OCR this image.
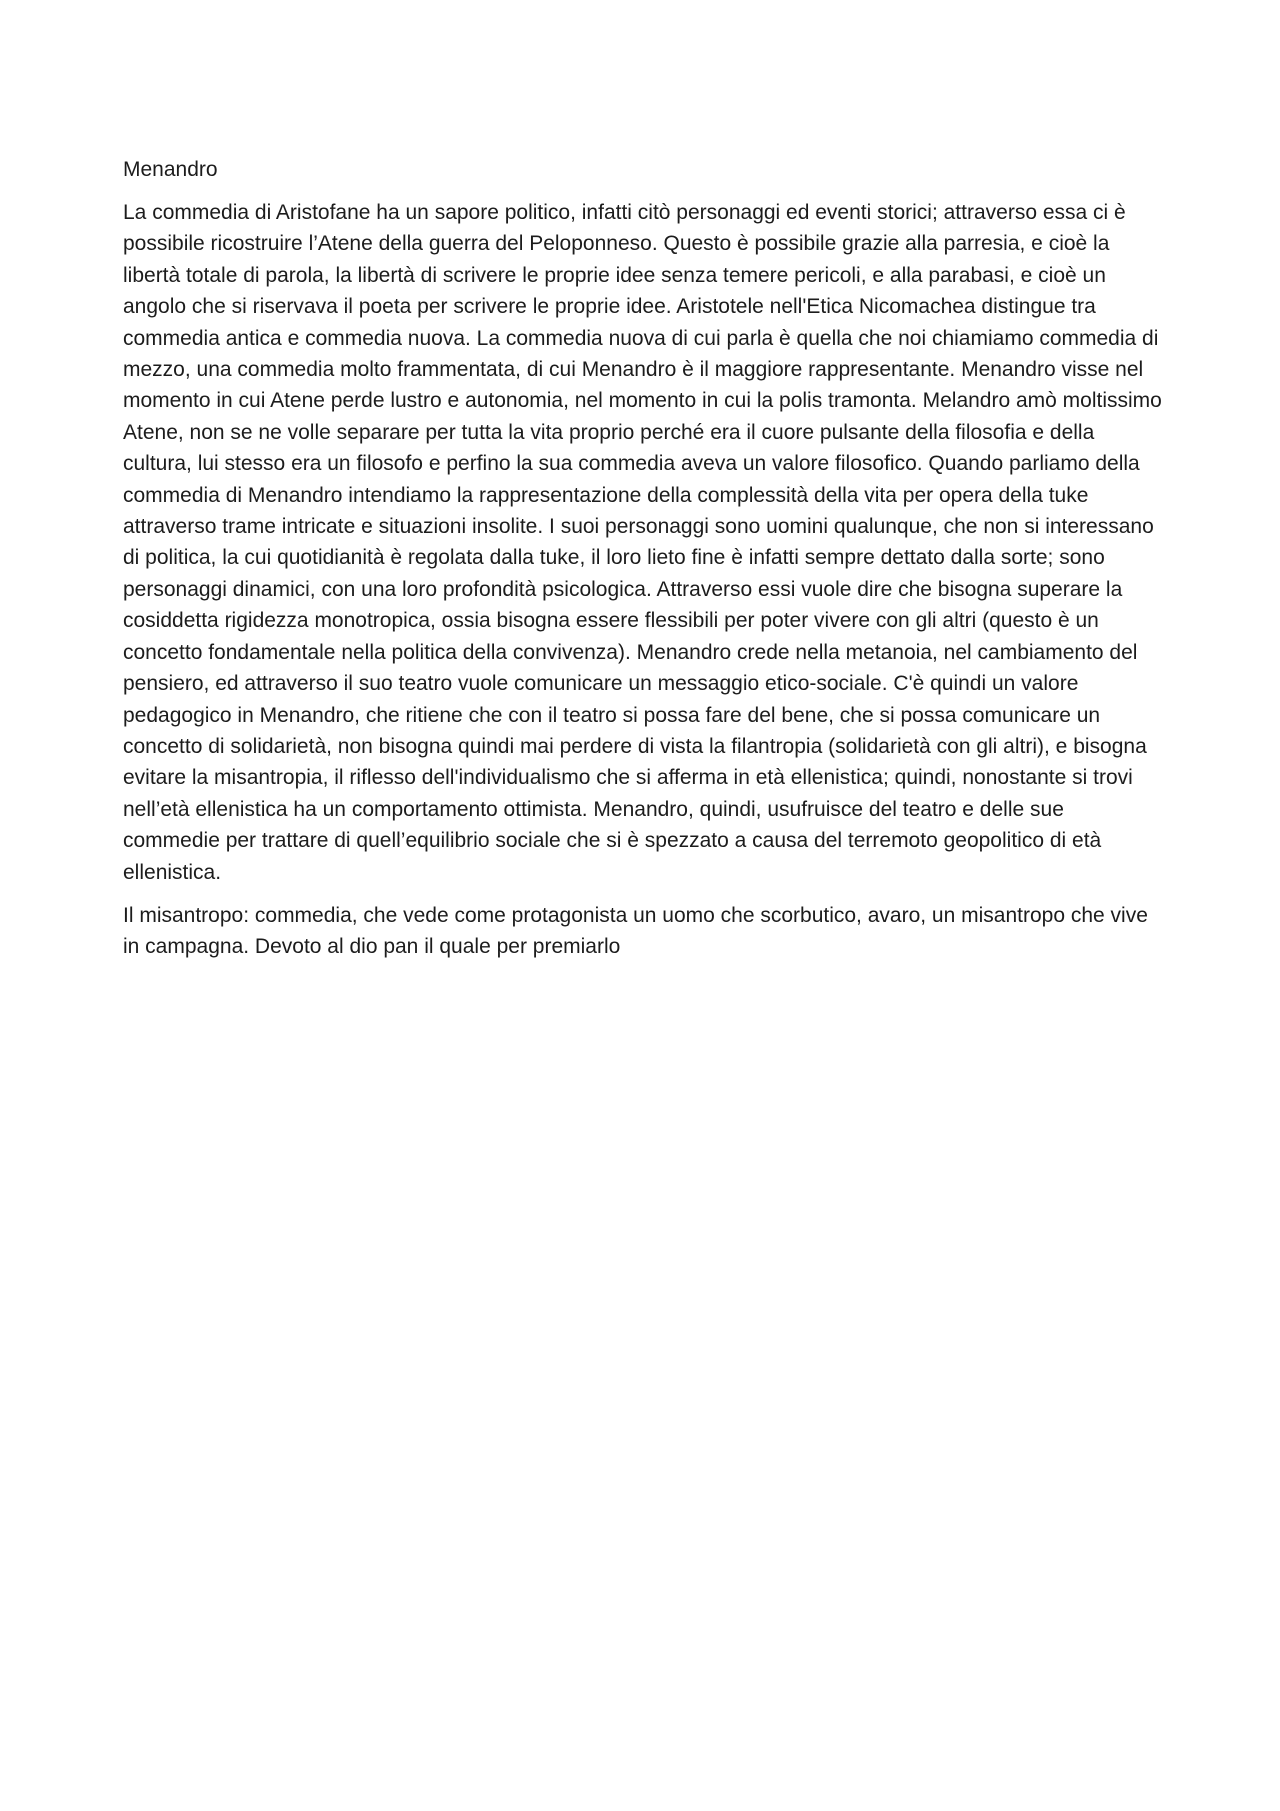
Menandro

La commedia di Aristofane ha un sapore politico, infatti citò personaggi ed eventi storici; attraverso essa ci è possibile ricostruire l’Atene della guerra del Peloponneso. Questo è possibile grazie alla parresia, e cioè la libertà totale di parola, la libertà di scrivere le proprie idee senza temere pericoli, e alla parabasi, e cioè un angolo che si riservava il poeta per scrivere le proprie idee. Aristotele nell'Etica Nicomachea distingue tra commedia antica e commedia nuova. La commedia nuova di cui parla è quella che noi chiamiamo commedia di mezzo, una commedia molto frammentata, di cui Menandro è il maggiore rappresentante. Menandro visse nel momento in cui Atene perde lustro e autonomia, nel momento in cui la polis tramonta. Melandro amò moltissimo Atene, non se ne volle separare per tutta la vita proprio perché era il cuore pulsante della filosofia e della cultura, lui stesso era un filosofo e perfino la sua commedia aveva un valore filosofico. Quando parliamo della commedia di Menandro intendiamo la rappresentazione della complessità della vita per opera della tuke attraverso trame intricate e situazioni insolite. I suoi personaggi sono uomini qualunque, che non si interessano di politica, la cui quotidianità è regolata dalla tuke, il loro lieto fine è infatti sempre dettato dalla sorte; sono personaggi dinamici, con una loro profondità psicologica. Attraverso essi vuole dire che bisogna superare la cosiddetta rigidezza monotropica, ossia bisogna essere flessibili per poter vivere con gli altri (questo è un concetto fondamentale nella politica della convivenza). Menandro crede nella metanoia, nel cambiamento del pensiero, ed attraverso il suo teatro vuole comunicare un messaggio etico-sociale. C'è quindi un valore pedagogico in Menandro, che ritiene che con il teatro si possa fare del bene, che si possa comunicare un concetto di solidarietà, non bisogna quindi mai perdere di vista la filantropia (solidarietà con gli altri), e bisogna evitare la misantropia, il riflesso dell'individualismo che si afferma in età ellenistica; quindi, nonostante si trovi nell’età ellenistica ha un comportamento ottimista. Menandro, quindi, usufruisce del teatro e delle sue commedie per trattare di quell’equilibrio sociale che si è spezzato a causa del terremoto geopolitico di età ellenistica.

Il misantropo: commedia, che vede come protagonista un uomo che scorbutico, avaro, un misantropo che vive in campagna. Devoto al dio pan il quale per premiarlo
